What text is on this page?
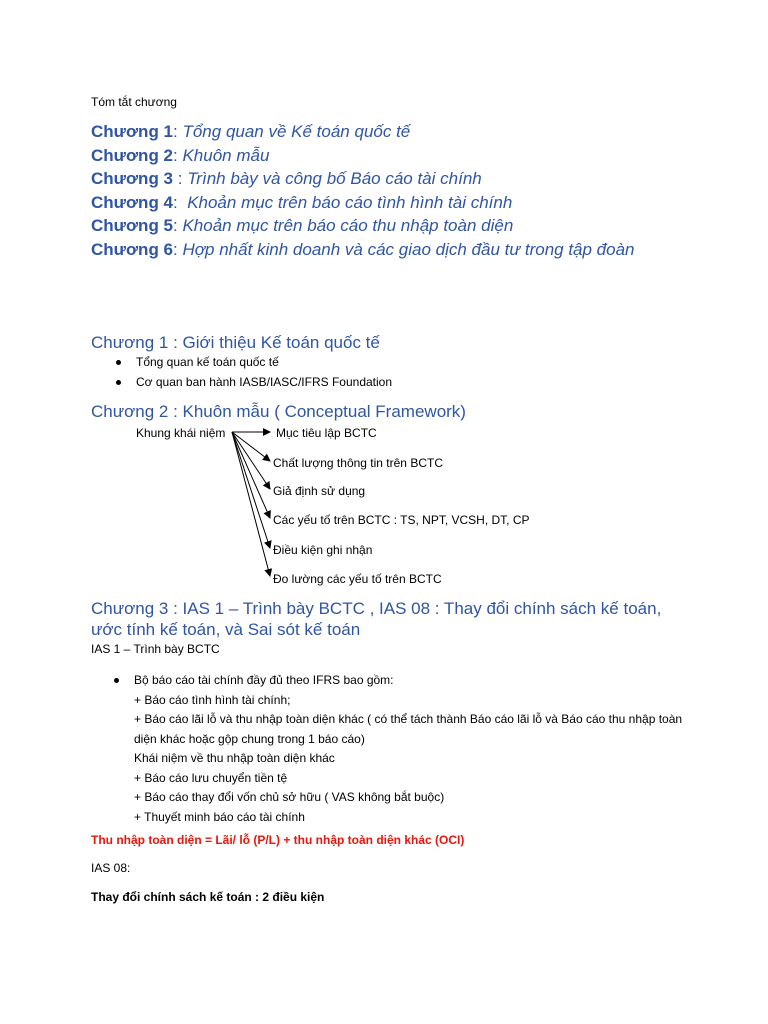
Tóm tắt chương
Chương 1: Tổng quan về Kế toán quốc tế
Chương 2: Khuôn mẫu
Chương 3 : Trình bày và công bố Báo cáo tài chính
Chương 4:  Khoản mục trên báo cáo tình hình tài chính
Chương 5: Khoản mục trên báo cáo thu nhập toàn diện
Chương 6: Hợp nhất kinh doanh và các giao dịch đầu tư trong tập đoàn
Chương 1 : Giới thiệu Kế toán quốc tế
Tổng quan kế toán quốc tế
Cơ quan ban hành IASB/IASC/IFRS Foundation
Chương 2 : Khuôn mẫu ( Conceptual Framework)
Khung khái niệm	Mục tiêu lập BCTC
Chất lượng thông tin trên BCTC
Giả định sử dụng
Các yếu tố trên BCTC : TS, NPT, VCSH, DT, CP
Điều kiện ghi nhận
Đo lường các yếu tố trên BCTC
Chương 3 : IAS 1 – Trình bày BCTC , IAS 08 : Thay đổi chính sách kế toán, ước tính kế toán, và Sai sót kế toán
IAS 1 – Trình bày BCTC
Bộ báo cáo tài chính đầy đủ theo IFRS bao gồm:
+ Báo cáo tình hình tài chính;
+ Báo cáo lãi lỗ và thu nhập toàn diện khác ( có thể tách thành Báo cáo lãi lỗ và Báo cáo thu nhập toàn diện khác hoặc gộp chung trong 1 báo cáo)
Khái niệm về thu nhập toàn diện khác
+ Báo cáo lưu chuyển tiền tệ
+ Báo cáo thay đổi vốn chủ sở hữu ( VAS không bắt buộc)
+ Thuyết minh báo cáo tài chính
Thu nhập toàn diện = Lãi/ lỗ (P/L) + thu nhập toàn diện khác (OCI)
IAS 08:
Thay đổi chính sách kế toán : 2 điều kiện
